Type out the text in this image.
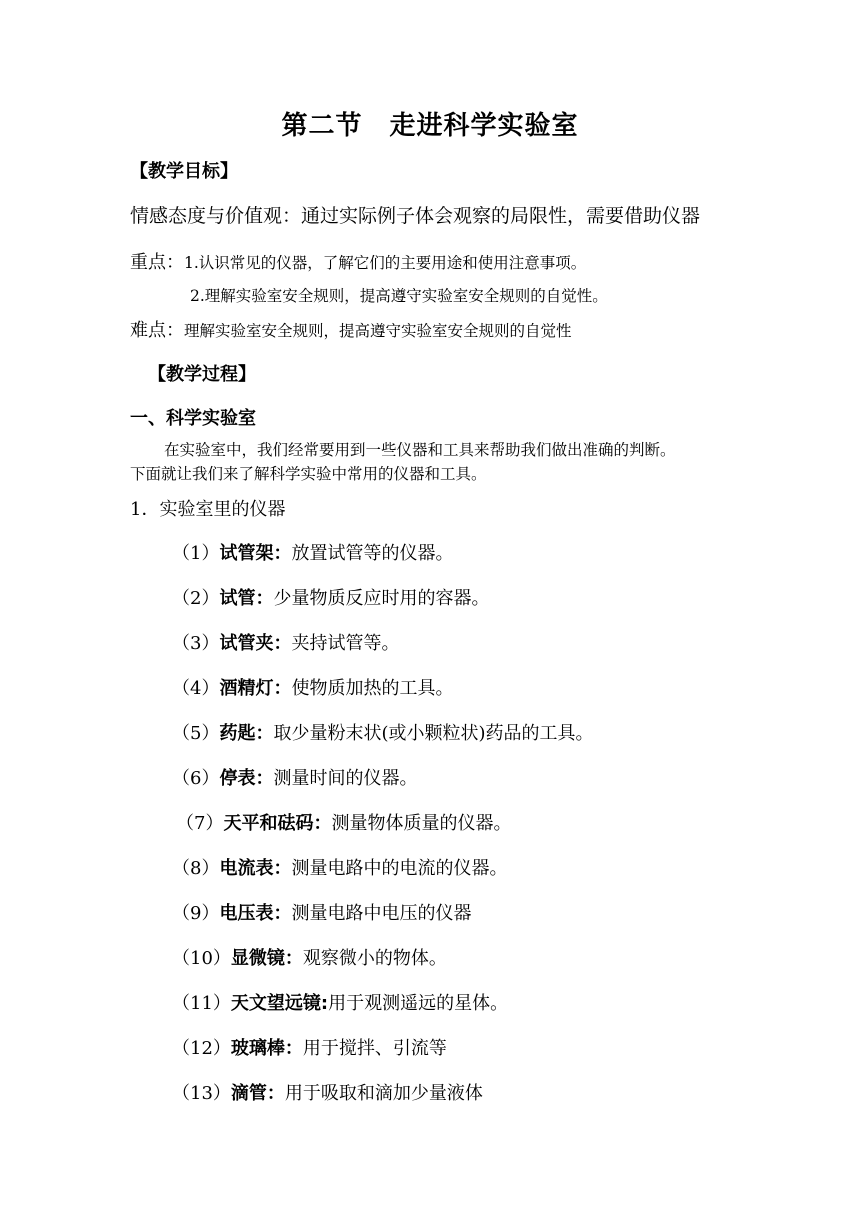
第二节　走进科学实验室
【教学目标】
情感态度与价值观：通过实际例子体会观察的局限性，需要借助仪器
重点：1.认识常见的仪器，了解它们的主要用途和使用注意事项。
2.理解实验室安全规则，提高遵守实验室安全规则的自觉性。
难点：理解实验室安全规则，提高遵守实验室安全规则的自觉性
【教学过程】
一、科学实验室
在实验室中，我们经常要用到一些仪器和工具来帮助我们做出准确的判断。
下面就让我们来了解科学实验中常用的仪器和工具。
1．实验室里的仪器
（1）试管架：放置试管等的仪器。
（2）试管：少量物质反应时用的容器。
（3）试管夹：夹持试管等。
（4）酒精灯：使物质加热的工具。
（5）药匙：取少量粉末状(或小颗粒状)药品的工具。
（6）停表：测量时间的仪器。
（7）天平和砝码：测量物体质量的仪器。
（8）电流表：测量电路中的电流的仪器。
（9）电压表：测量电路中电压的仪器
（10）显微镜：观察微小的物体。
（11）天文望远镜:用于观测遥远的星体。
（12）玻璃棒：用于搅拌、引流等
（13）滴管：用于吸取和滴加少量液体
